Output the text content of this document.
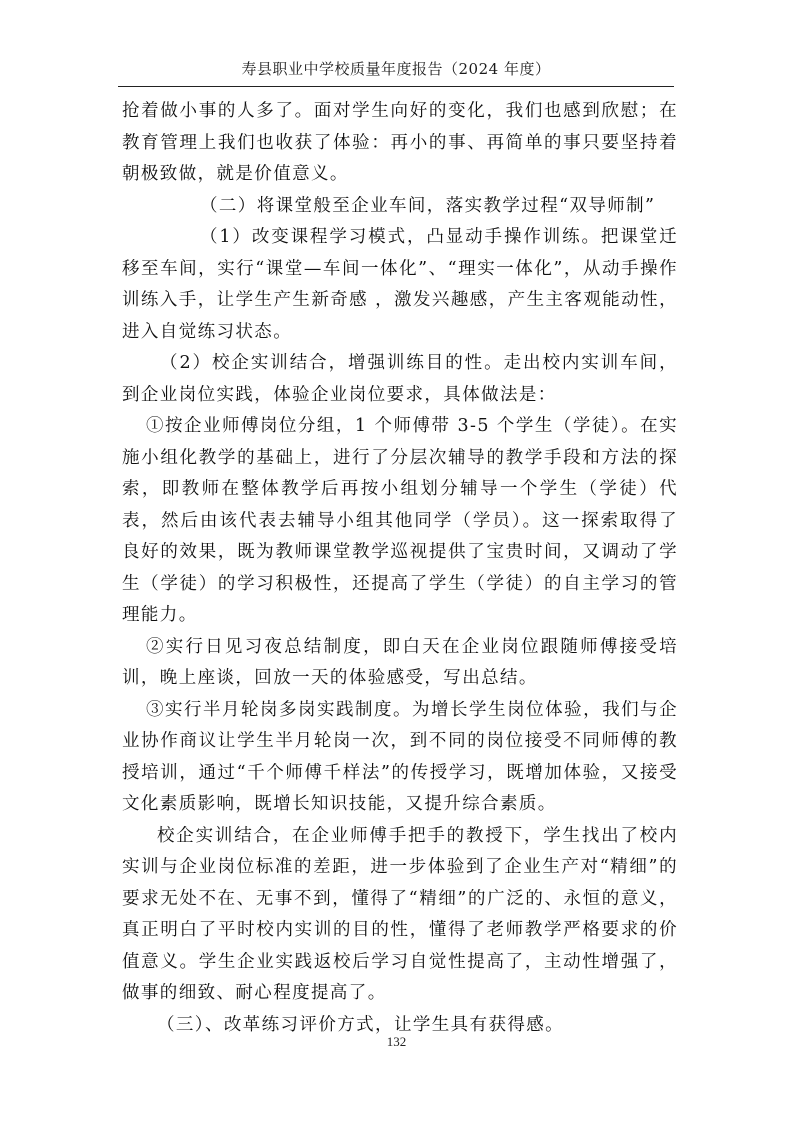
寿县职业中学校质量年度报告（2024 年度）

抢着做小事的人多了。面对学生向好的变化，我们也感到欣慰；在教育管理上我们也收获了体验：再小的事、再简单的事只要坚持着朝极致做，就是价值意义。

（二）将课堂般至企业车间，落实教学过程“双导师制”

（1）改变课程学习模式，凸显动手操作训练。把课堂迁移至车间，实行“课堂—车间一体化”、“理实一体化”，从动手操作训练入手，让学生产生新奇感 ，激发兴趣感，产生主客观能动性，进入自觉练习状态。

（2）校企实训结合，增强训练目的性。走出校内实训车间，到企业岗位实践，体验企业岗位要求，具体做法是：

①按企业师傅岗位分组，1 个师傅带 3-5 个学生（学徒）。在实施小组化教学的基础上，进行了分层次辅导的教学手段和方法的探索，即教师在整体教学后再按小组划分辅导一个学生（学徒）代表，然后由该代表去辅导小组其他同学（学员）。这一探索取得了良好的效果，既为教师课堂教学巡视提供了宝贵时间，又调动了学生（学徒）的学习积极性，还提高了学生（学徒）的自主学习的管理能力。

②实行日见习夜总结制度，即白天在企业岗位跟随师傅接受培训，晚上座谈，回放一天的体验感受，写出总结。

③实行半月轮岗多岗实践制度。为增长学生岗位体验，我们与企业协作商议让学生半月轮岗一次，到不同的岗位接受不同师傅的教授培训，通过“千个师傅千样法”的传授学习，既增加体验，又接受文化素质影响，既增长知识技能，又提升综合素质。

校企实训结合，在企业师傅手把手的教授下，学生找出了校内实训与企业岗位标准的差距，进一步体验到了企业生产对“精细”的要求无处不在、无事不到，懂得了“精细”的广泛的、永恒的意义，真正明白了平时校内实训的目的性，懂得了老师教学严格要求的价值意义。学生企业实践返校后学习自觉性提高了，主动性增强了，做事的细致、耐心程度提高了。

（三）、改革练习评价方式，让学生具有获得感。

132
